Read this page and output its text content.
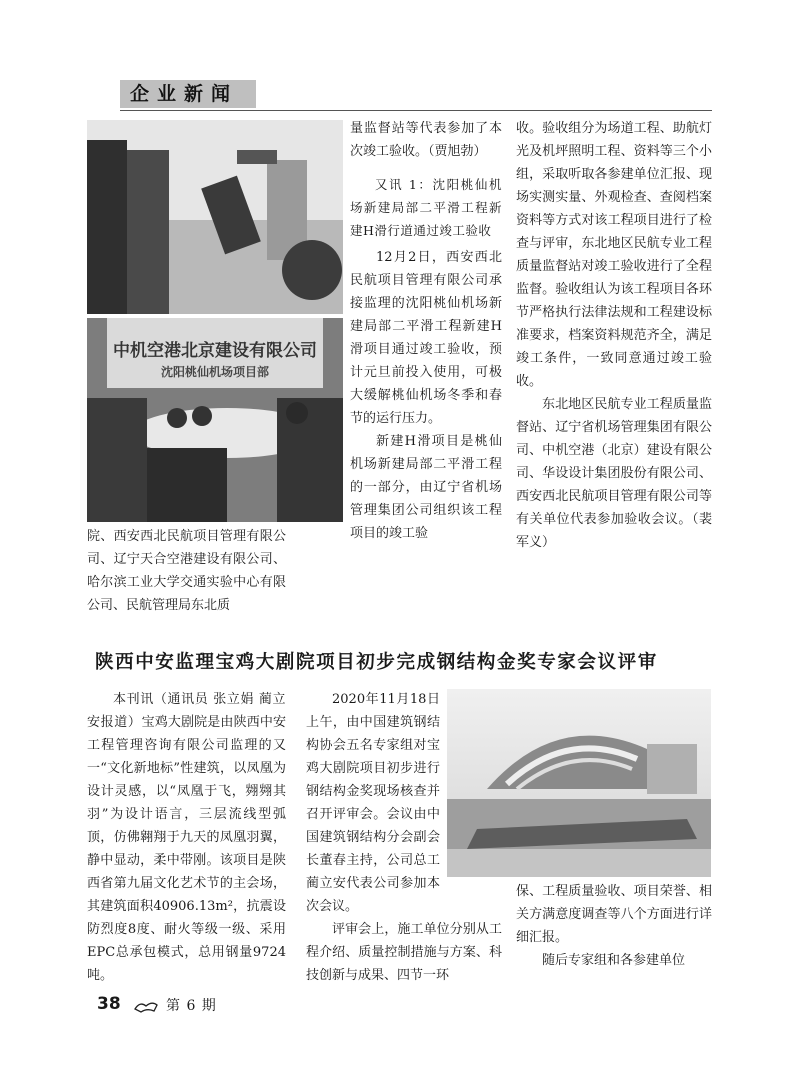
企业新闻
中机空港北京建设有限公司
沈阳桃仙机场项目部

院、西安西北民航项目管理有限公司、辽宁天合空港建设有限公司、哈尔滨工业大学交通实验中心有限公司、民航管理局东北质

量监督站等代表参加了本次竣工验收。（贾旭勃）

又讯 1：沈阳桃仙机场新建局部二平滑工程新建H滑行道通过竣工验收

12月2日，西安西北民航项目管理有限公司承接监理的沈阳桃仙机场新建局部二平滑工程新建H滑项目通过竣工验收，预计元旦前投入使用，可极大缓解桃仙机场冬季和春节的运行压力。

新建H滑项目是桃仙机场新建局部二平滑工程的一部分，由辽宁省机场管理集团公司组织该工程项目的竣工验

收。验收组分为场道工程、助航灯光及机坪照明工程、资料等三个小组，采取听取各参建单位汇报、现场实测实量、外观检查、查阅档案资料等方式对该工程项目进行了检查与评审，东北地区民航专业工程质量监督站对竣工验收进行了全程监督。验收组认为该工程项目各环节严格执行法律法规和工程建设标准要求，档案资料规范齐全，满足竣工条件，一致同意通过竣工验收。

东北地区民航专业工程质量监督站、辽宁省机场管理集团有限公司、中机空港（北京）建设有限公司、华设设计集团股份有限公司、西安西北民航项目管理有限公司等有关单位代表参加验收会议。（裴军义）

陕西中安监理宝鸡大剧院项目初步完成钢结构金奖专家会议评审

本刊讯（通讯员 张立娟 蔺立安报道）宝鸡大剧院是由陕西中安工程管理咨询有限公司监理的又一“文化新地标”性建筑，以凤凰为设计灵感，以“凤凰于飞，翙翙其羽”为设计语言，三层流线型弧顶，仿佛翱翔于九天的凤凰羽翼，静中显动，柔中带刚。该项目是陕西省第九届文化艺术节的主会场，其建筑面积40906.13m²，抗震设防烈度8度、耐火等级一级、采用EPC总承包模式，总用钢量9724吨。

2020年11月18日上午，由中国建筑钢结构协会五名专家组对宝鸡大剧院项目初步进行钢结构金奖现场核查并召开评审会。会议由中国建筑钢结构分会副会长董春主持，公司总工蔺立安代表公司参加本次会议。

评审会上，施工单位分别从工程介绍、质量控制措施与方案、科技创新与成果、四节一环

保、工程质量验收、项目荣誉、相关方满意度调查等八个方面进行详细汇报。

随后专家组和各参建单位

38	第 6 期
